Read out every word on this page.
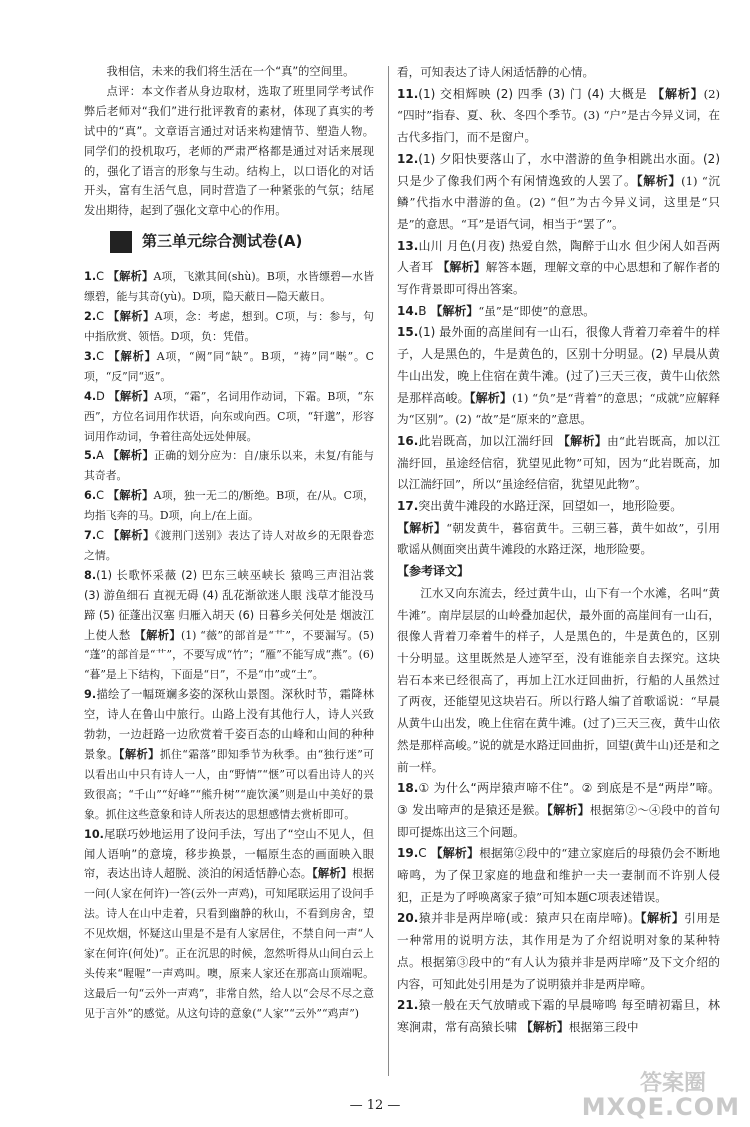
我相信，未来的我们将生活在一个“真”的空间里。

点评：本文作者从身边取材，选取了班里同学考试作弊后老师对“我们”进行批评教育的素材，体现了真实的考试中的“真”。文章语言通过对话来构建情节、塑造人物。同学们的投机取巧，老师的严肃严格都是通过对话来展现的，强化了语言的形象与生动。结构上，以口语化的对话开头，富有生活气息，同时营造了一种紧张的气氛；结尾发出期待，起到了强化文章中心的作用。

第三单元综合测试卷(A)

1.C 【解析】A项，飞漱其间(shù)。B项，水皆缥碧—水皆缥碧，能与其奇(yù)。D项，隐天蔽日—隐天蔽日。

2.C 【解析】A项，念：考虑，想到。C项，与：参与，句中指欣赏、领悟。D项，负：凭借。

3.C 【解析】A项，“阙”同“缺”。B项，“祷”同“啭”。C项，“反”同“返”。

4.D 【解析】A项，“霜”，名词用作动词，下霜。B项，“东西”，方位名词用作状语，向东或向西。C项，“轩邈”，形容词用作动词，争着往高处远处伸展。

5.A 【解析】正确的划分应为：自/康乐以来，未复/有能与其奇者。

6.C 【解析】A项，独一无二的/断绝。B项，在/从。C项，均指飞奔的马。D项，向上/在上面。

7.C 【解析】《渡荆门送别》表达了诗人对故乡的无限眷恋之情。

8.(1) 长歌怀采薇 (2) 巴东三峡巫峡长 猿鸣三声泪沾裳 (3) 游鱼细石 直视无碍 (4) 乱花渐欲迷人眼 浅草才能没马蹄 (5) 征蓬出汉塞 归雁入胡天 (6) 日暮乡关何处是 烟波江上使人愁 【解析】(1) “薇”的部首是“艹”，不要漏写。(5) “蓬”的部首是“艹”，不要写成“竹”；“雁”不能写成“燕”。(6) “暮”是上下结构，下面是“日”，不是“巾”或“土”。

9.描绘了一幅斑斓多姿的深秋山景图。深秋时节，霜降林空，诗人在鲁山中旅行。山路上没有其他行人，诗人兴致勃勃，一边赶路一边欣赏着千姿百态的山峰和山间的种种景象。【解析】抓住“霜落”即知季节为秋季。由“独行迷”可以看出山中只有诗人一人，由“野情”“惬”可以看出诗人的兴致很高；“千山”“好峰”“熊升树”“鹿饮溪”则是山中美好的景象。抓住这些意象和诗人所表达的思想感情去赏析即可。

10.尾联巧妙地运用了设问手法，写出了“空山不见人，但闻人语响”的意境，移步换景，一幅原生态的画面映入眼帘，表达出诗人超脱、淡泊的闲适恬静心态。【解析】根据一问(人家在何许)一答(云外一声鸡)，可知尾联运用了设问手法。诗人在山中走着，只看到幽静的秋山，不看到房舍，望不见炊烟，怀疑这山里是不是有人家居住，不禁自问一声“人家在何许(何处)”。正在沉思的时候，忽然听得从山间白云上头传来“喔喔”一声鸡叫。噢，原来人家还在那高山顶端呢。这最后一句“云外一声鸡”，非常自然，给人以“会尽不尽之意见于言外”的感觉。从这句诗的意象(“人家”“云外”“鸡声”)

看，可知表达了诗人闲适恬静的心情。

11.(1) 交相辉映 (2) 四季 (3) 门 (4) 大概是 【解析】(2) “四时”指春、夏、秋、冬四个季节。(3) “户”是古今异义词，在古代多指门，而不是窗户。

12.(1) 夕阳快要落山了，水中潜游的鱼争相跳出水面。(2) 只是少了像我们两个有闲情逸致的人罢了。【解析】(1) “沉鳞”代指水中潜游的鱼。(2) “但”为古今异义词，这里是“只是”的意思。“耳”是语气词，相当于“罢了”。

13.山川 月色(月夜) 热爱自然，陶醉于山水 但少闲人如吾两人者耳 【解析】解答本题，理解文章的中心思想和了解作者的写作背景即可得出答案。

14.B 【解析】“虽”是“即使”的意思。

15.(1) 最外面的高崖间有一山石，很像人背着刀牵着牛的样子，人是黑色的，牛是黄色的，区别十分明显。(2) 早晨从黄牛山出发，晚上住宿在黄牛滩。(过了)三天三夜，黄牛山依然是那样高峻。【解析】(1) “负”是“背着”的意思；“成就”应解释为“区别”。(2) “故”是“原来的”意思。

16.此岩既高，加以江湍纡回 【解析】由“此岩既高，加以江湍纡回，虽途经信宿，犹望见此物”可知，因为“此岩既高，加以江湍纡回”，所以“虽途经信宿，犹望见此物”。

17.突出黄牛滩段的水路迂深，回望如一，地形险要。

【解析】“朝发黄牛，暮宿黄牛。三朝三暮，黄牛如故”，引用歌谣从侧面突出黄牛滩段的水路迂深，地形险要。

【参考译文】

江水又向东流去，经过黄牛山，山下有一个水滩，名叫“黄牛滩”。南岸层层的山岭叠加起伏，最外面的高崖间有一山石，很像人背着刀牵着牛的样子，人是黑色的，牛是黄色的，区别十分明显。这里既然是人迹罕至，没有谁能亲自去探究。这块岩石本来已经很高了，再加上江水迂回曲折，行船的人虽然过了两夜，还能望见这块岩石。所以行路人编了首歌谣说：“早晨从黄牛山出发，晚上住宿在黄牛滩。(过了)三天三夜，黄牛山依然是那样高峻。”说的就是水路迂回曲折，回望(黄牛山)还是和之前一样。

18.① 为什么“两岸猿声啼不住”。② 到底是不是“两岸”啼。③ 发出啼声的是猿还是猴。【解析】根据第②～④段中的首句即可提炼出这三个问题。

19.C 【解析】根据第②段中的“建立家庭后的母猿仍会不断地啼鸣，为了保卫家庭的地盘和维护一夫一妻制而不许别人侵犯，正是为了呼唤离家子猿”可知本题C项表述错误。

20.猿并非是两岸啼(或：猿声只在南岸啼)。【解析】引用是一种常用的说明方法，其作用是为了介绍说明对象的某种特点。根据第③段中的“有人认为猿并非是两岸啼”及下文介绍的内容，可知此处引用是为了说明猿并非是两岸啼。

21.猿一般在天气放晴或下霜的早晨啼鸣 每至晴初霜旦，林寒涧肃，常有高猿长啸 【解析】根据第三段中

— 12 —
答案圈
MXQE.COM
